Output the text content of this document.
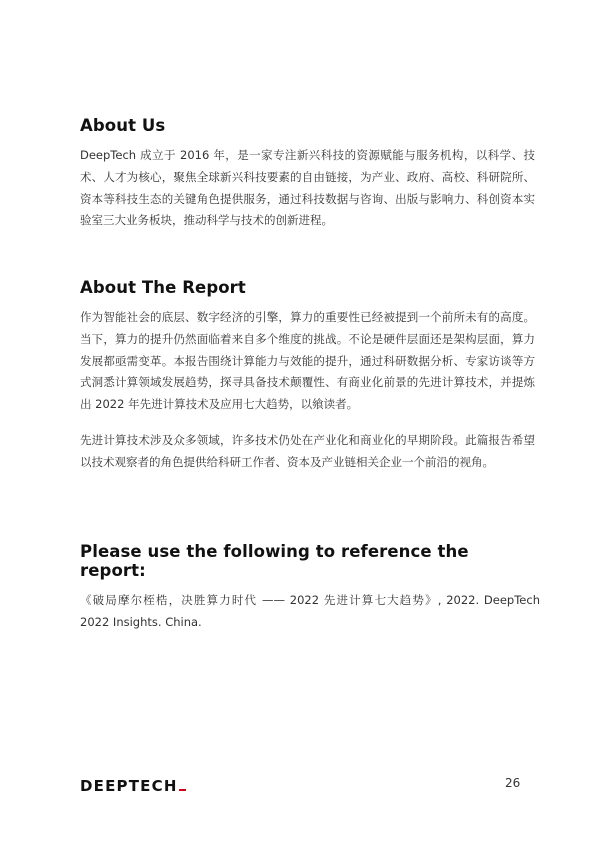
About Us

DeepTech 成立于 2016 年，是一家专注新兴科技的资源赋能与服务机构，以科学、技术、人才为核心，聚焦全球新兴科技要素的自由链接，为产业、政府、高校、科研院所、资本等科技生态的关键角色提供服务，通过科技数据与咨询、出版与影响力、科创资本实验室三大业务板块，推动科学与技术的创新进程。

About The Report

作为智能社会的底层、数字经济的引擎，算力的重要性已经被提到一个前所未有的高度。当下，算力的提升仍然面临着来自多个维度的挑战。不论是硬件层面还是架构层面，算力发展都亟需变革。本报告围绕计算能力与效能的提升，通过科研数据分析、专家访谈等方式洞悉计算领域发展趋势，探寻具备技术颠覆性、有商业化前景的先进计算技术，并提炼出 2022 年先进计算技术及应用七大趋势，以飨读者。

先进计算技术涉及众多领域，许多技术仍处在产业化和商业化的早期阶段。此篇报告希望以技术观察者的角色提供给科研工作者、资本及产业链相关企业一个前沿的视角。

Please use the following to reference the report:

《破局摩尔桎梏，决胜算力时代 —— 2022 先进计算七大趋势》, 2022. DeepTech 2022 Insights. China.

DEEPTECH	26
